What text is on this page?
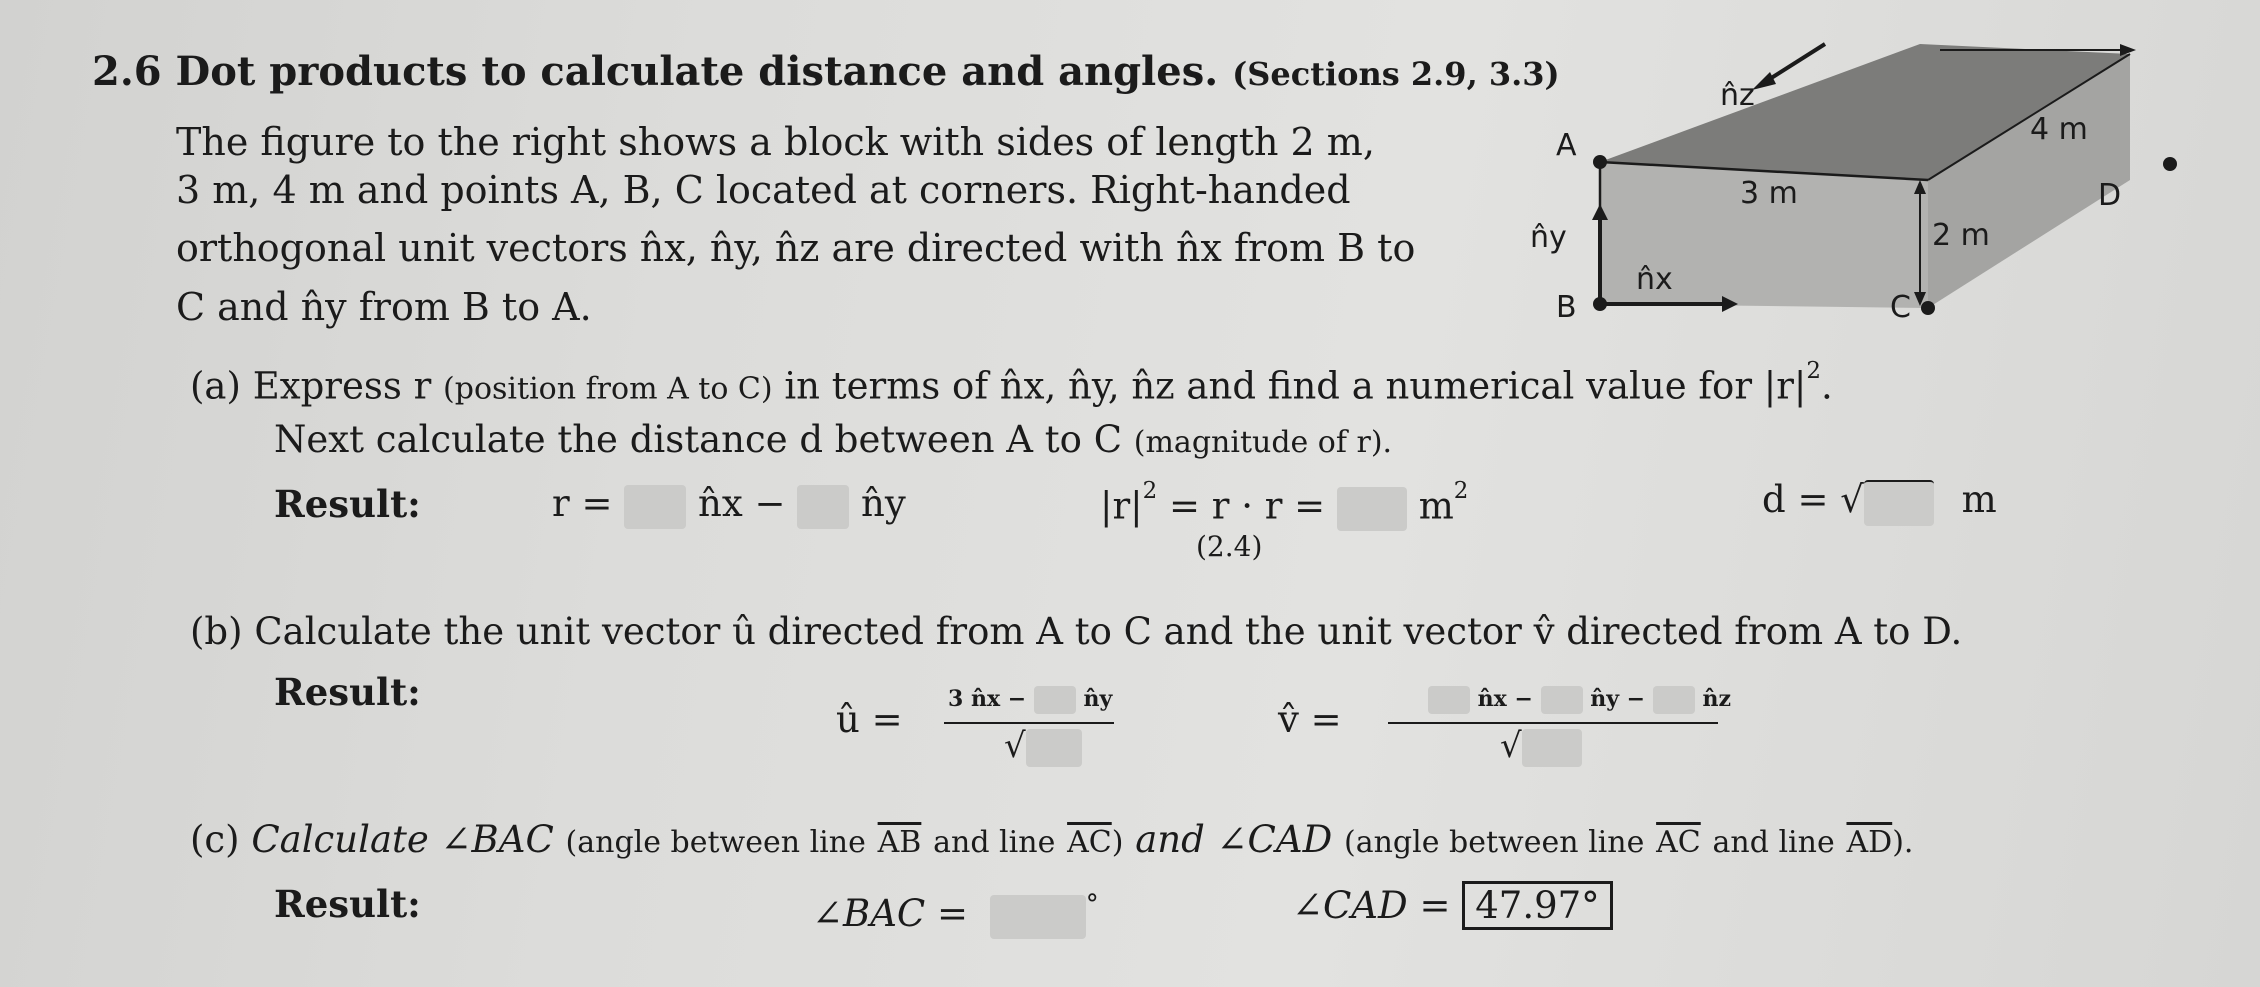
2.6 Dot products to calculate distance and angles. (Sections 2.9, 3.3)
The figure to the right shows a block with sides of length 2 m,
3 m, 4 m and points A, B, C located at corners. Right-handed
orthogonal unit vectors n̂x, n̂y, n̂z are directed with n̂x from B to
C and n̂y from B to A.
A
B	C
D
n̂z
n̂y
n̂x
3 m
4 m
2 m
(a) Express r (position from A to C) in terms of n̂x, n̂y, n̂z and find a numerical value for $|r|^2$.
Next calculate the distance d between A to C (magnitude of r).
Result:	r = n̂x − n̂y	$|r|^2 = r \cdot r$ =	$m^2$
(2.4)
d = √	m
(b) Calculate the unit vector û directed from A to C and the unit vector v̂ directed from A to D.
Result:
û = 3 n̂x −	n̂y
√
v̂ =	n̂x −	n̂y −	n̂z
√
(c) Calculate ∠BAC (angle between line $\overline{AB}$ and line $\overline{AC}$) and ∠CAD (angle between line $\overline{AC}$ and line $\overline{AD}$).
Result:	∠BAC =	°	∠CAD = 47.97°
